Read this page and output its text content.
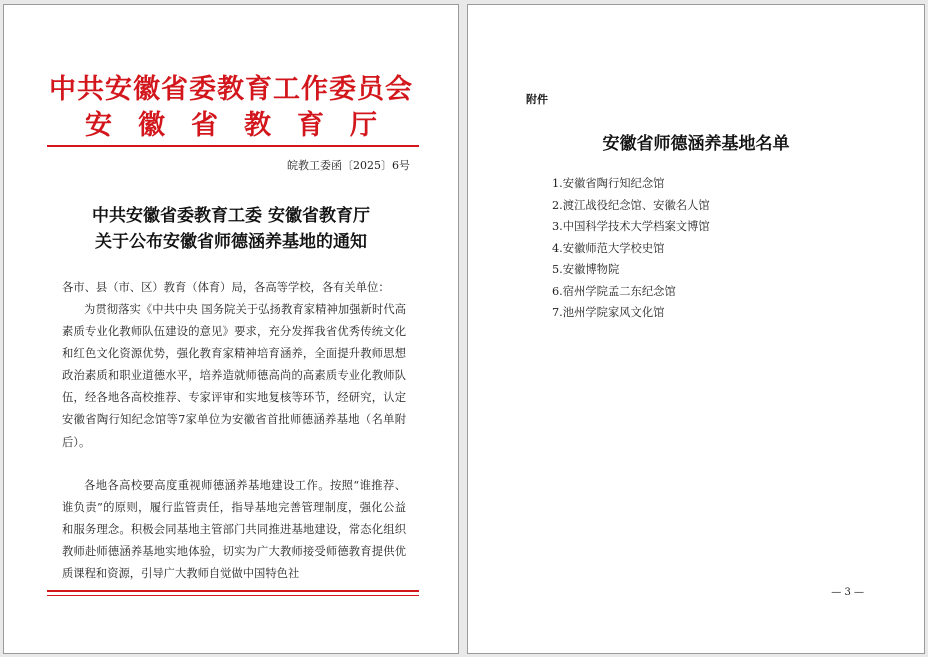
中共安徽省委教育工作委员会
安徽省教育厅
皖教工委函〔2025〕6号
中共安徽省委教育工委 安徽省教育厅
关于公布安徽省师德涵养基地的通知
各市、县（市、区）教育（体育）局，各高等学校，各有关单位：
为贯彻落实《中共中央 国务院关于弘扬教育家精神加强新时代高素质专业化教师队伍建设的意见》要求，充分发挥我省优秀传统文化和红色文化资源优势，强化教育家精神培育涵养，全面提升教师思想政治素质和职业道德水平，培养造就师德高尚的高素质专业化教师队伍，经各地各高校推荐、专家评审和实地复核等环节，经研究，认定安徽省陶行知纪念馆等7家单位为安徽省首批师德涵养基地（名单附后）。
各地各高校要高度重视师德涵养基地建设工作。按照“谁推荐、谁负责”的原则，履行监管责任，指导基地完善管理制度，强化公益和服务理念。积极会同基地主管部门共同推进基地建设，常态化组织教师赴师德涵养基地实地体验，切实为广大教师接受师德教育提供优质课程和资源，引导广大教师自觉做中国特色社
附件
安徽省师德涵养基地名单
1.安徽省陶行知纪念馆
2.渡江战役纪念馆、安徽名人馆
3.中国科学技术大学档案文博馆
4.安徽师范大学校史馆
5.安徽博物院
6.宿州学院孟二东纪念馆
7.池州学院家风文化馆
— 3 —
